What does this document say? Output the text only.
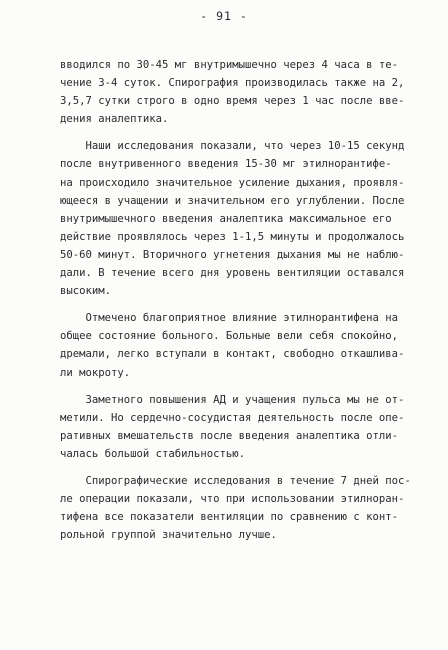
- 91 -

вводился по 30-45 мг внутримышечно через 4 часа в те-
чение 3-4 суток. Спирография производилась также на 2,
3,5,7 сутки строго в одно время через 1 час после вве-
дения аналептика.

Наши исследования показали, что через 10-15 секунд
после внутривенного введения 15-30 мг этилнорантифе-
на происходило значительное усиление дыхания, проявля-
ющееся в учащении и значительном его углублении. После
внутримышечного введения аналептика максимальное его
действие проявлялось через 1-1,5 минуты и продолжалось
50-60 минут. Вторичного угнетения дыхания мы не наблю-
дали. В течение всего дня уровень вентиляции оставался
высоким.

Отмечено благоприятное влияние этилнорантифена на
общее состояние больного. Больные вели себя спокойно,
дремали, легко вступали в контакт, свободно откашлива-
ли мокроту.

Заметного повышения АД и учащения пульса мы не от-
метили. Но сердечно-сосудистая деятельность после опе-
ративных вмешательств после введения аналептика отли-
чалась большой стабильностью.

Спирографические исследования в течение 7 дней пос-
ле операции показали, что при использовании этилноран-
тифена все показатели вентиляции по сравнению с конт-
рольной группой значительно лучше.
